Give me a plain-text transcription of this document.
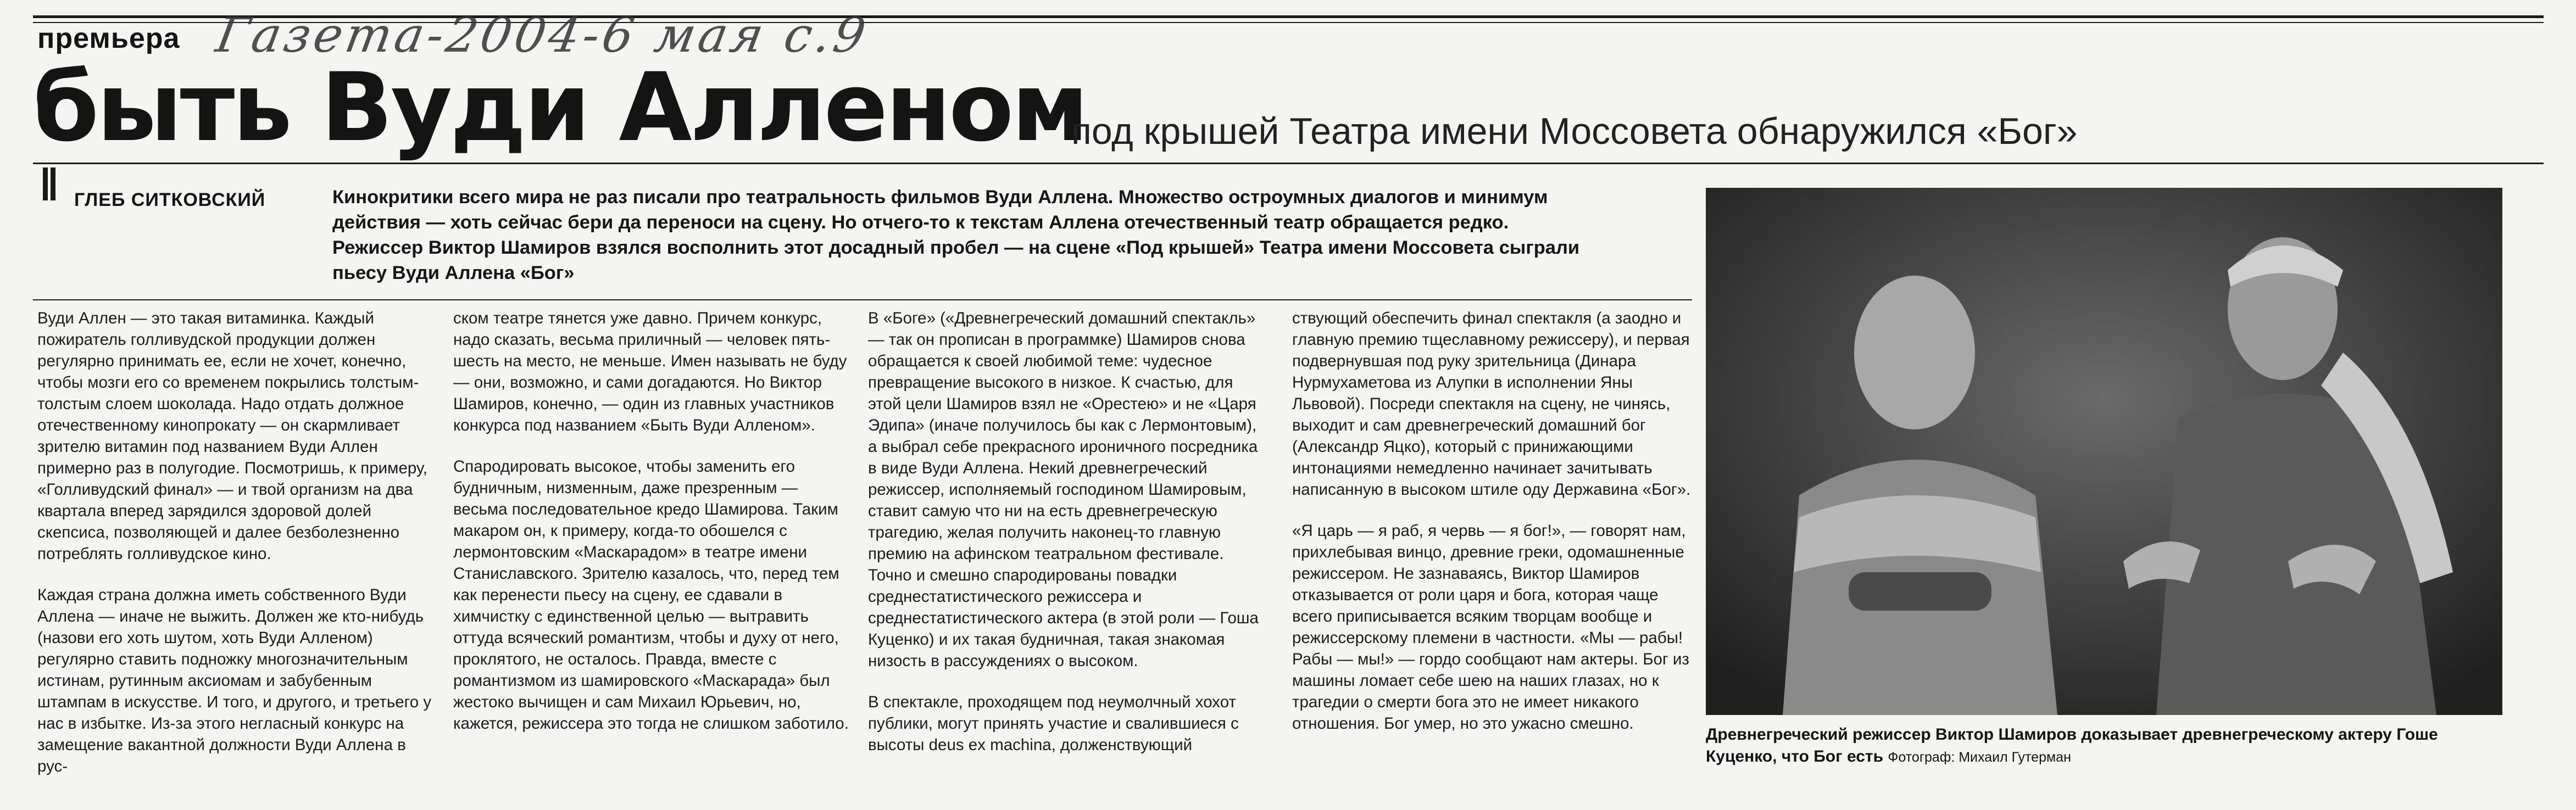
премьера Газета-2004-6 мая с.9
быть Вуди Алленом
под крышей Театра имени Моссовета обнаружился «Бог»
ГЛЕБ СИТКОВСКИЙ	Кинокритики всего мира не раз писали про театральность фильмов Вуди Аллена. Множество остроумных диалогов и минимум действия — хоть сейчас бери да переноси на сцену. Но отчего-то к текстам Аллена отечественный театр обращается редко. Режиссер Виктор Шамиров взялся восполнить этот досадный пробел — на сцене «Под крышей» Театра имени Моссовета сыграли пьесу Вуди Аллена «Бог»

Вуди Аллен — это такая витаминка. Каждый пожиратель голливудской продукции должен регулярно принимать ее, если не хочет, конечно, чтобы мозги его со временем покрылись толстым-толстым слоем шоколада. Надо отдать должное отечественному кинопрокату — он скармливает зрителю витамин под названием Вуди Аллен примерно раз в полугодие. Посмотришь, к примеру, «Голливудский финал» — и твой организм на два квартала вперед зарядился здоровой долей скепсиса, позволяющей и далее безболезненно потреблять голливудское кино.

Каждая страна должна иметь собственного Вуди Аллена — иначе не выжить. Должен же кто-нибудь (назови его хоть шутом, хоть Вуди Алленом) регулярно ставить подножку многозначительным истинам, рутинным аксиомам и забубенным штампам в искусстве. И того, и другого, и третьего у нас в избытке. Из-за этого негласный конкурс на замещение вакантной должности Вуди Аллена в рус-

ском театре тянется уже давно. Причем конкурс, надо сказать, весьма приличный — человек пять-шесть на место, не меньше. Имен называть не буду — они, возможно, и сами догадаются. Но Виктор Шамиров, конечно, — один из главных участников конкурса под названием «Быть Вуди Алленом».

Спародировать высокое, чтобы заменить его будничным, низменным, даже презренным — весьма последовательное кредо Шамирова. Таким макаром он, к примеру, когда-то обошелся с лермонтовским «Маскарадом» в театре имени Станиславского. Зрителю казалось, что, перед тем как перенести пьесу на сцену, ее сдавали в химчистку с единственной целью — вытравить оттуда всяческий романтизм, чтобы и духу от него, проклятого, не осталось. Правда, вместе с романтизмом из шамировского «Маскарада» был жестоко вычищен и сам Михаил Юрьевич, но, кажется, режиссера это тогда не слишком заботило.

В «Боге» («Древнегреческий домашний спектакль» — так он прописан в программке) Шамиров снова обращается к своей любимой теме: чудесное превращение высокого в низкое. К счастью, для этой цели Шамиров взял не «Орестею» и не «Царя Эдипа» (иначе получилось бы как с Лермонтовым), а выбрал себе прекрасного ироничного посредника в виде Вуди Аллена. Некий древнегреческий режиссер, исполняемый господином Шамировым, ставит самую что ни на есть древнегреческую трагедию, желая получить наконец-то главную премию на афинском театральном фестивале. Точно и смешно спародированы повадки среднестатистического режиссера и среднестатистического актера (в этой роли — Гоша Куценко) и их такая будничная, такая знакомая низость в рассуждениях о высоком.

В спектакле, проходящем под неумолчный хохот публики, могут принять участие и свалившиеся с высоты deus ex machina, долженствующий

ствующий обеспечить финал спектакля (а заодно и главную премию тщеславному режиссеру), и первая подвернувшая под руку зрительница (Динара Нурмухаметова из Алупки в исполнении Яны Львовой). Посреди спектакля на сцену, не чинясь, выходит и сам древнегреческий домашний бог (Александр Яцко), который с принижающими интонациями немедленно начинает зачитывать написанную в высоком штиле оду Державина «Бог».

«Я царь — я раб, я червь — я бог!», — говорят нам, прихлебывая винцо, древние греки, одомашненные режиссером. Не зазнаваясь, Виктор Шамиров отказывается от роли царя и бога, которая чаще всего приписывается всяким творцам вообще и режиссерскому племени в частности. «Мы — рабы! Рабы — мы!» — гордо сообщают нам актеры. Бог из машины ломает себе шею на наших глазах, но к трагедии о смерти бога это не имеет никакого отношения. Бог умер, но это ужасно смешно.

Древнегреческий режиссер Виктор Шамиров доказывает древнегреческому актеру Гоше Куценко, что Бог есть Фотограф: Михаил Гутерман
